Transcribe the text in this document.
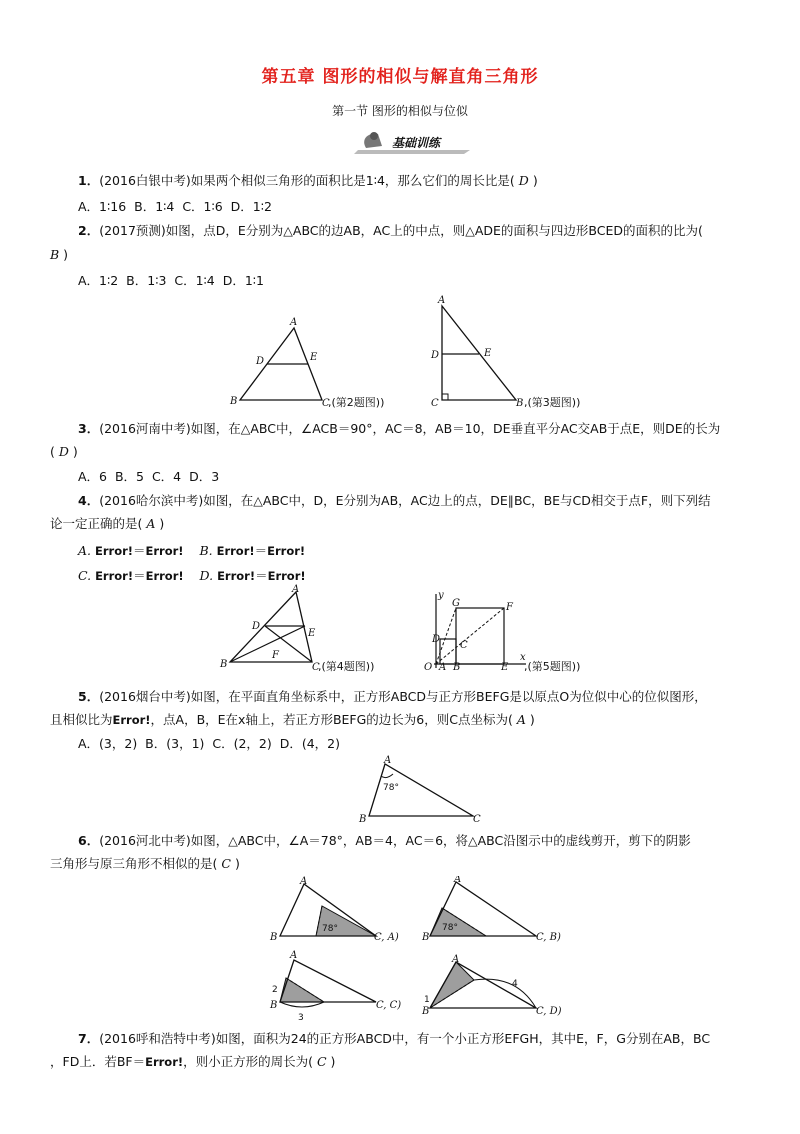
第五章 图形的相似与解直角三角形
第一节 图形的相似与位似
基础训练
1．(2016白银中考)如果两个相似三角形的面积比是1∶4，那么它们的周长比是( D )
A．1∶16 B．1∶4 C．1∶6 D．1∶2
2．(2017预测)如图，点D，E分别为△ABC的边AB，AC上的中点，则△ADE的面积与四边形BCED的面积的比为(
B )
A．1∶2 B．1∶3 C．1∶4 D．1∶1
A
D	E
B	C
,(第2题图))
A
D	E
C	B ,(第3题图))
3．(2016河南中考)如图，在△ABC中，∠ACB＝90°，AC＝8，AB＝10，DE垂直平分AC交AB于点E，则DE的长为
( D )
A．6 B．5 C．4 D．3
4．(2016哈尔滨中考)如图，在△ABC中，D，E分别为AB，AC边上的点，DE∥BC，BE与CD相交于点F，则下列结
论一定正确的是( A )
A. Error!＝Error! B. Error!＝Error!
C. Error!＝Error! D. Error!＝Error!
A
D
E
F
B	C
,(第4题图))
y
G	F
D
C
O A B	E
x
,(第5题图))
5．(2016烟台中考)如图，在平面直角坐标系中，正方形ABCD与正方形BEFG是以原点O为位似中心的位似图形，
且相似比为Error!，点A，B，E在x轴上，若正方形BEFG的边长为6，则C点坐标为( A )
A．(3，2) B．(3，1) C．(2，2) D．(4，2)
A
78°
B	C
6．(2016河北中考)如图，△ABC中，∠A＝78°，AB＝4，AC＝6，将△ABC沿图示中的虚线剪开，剪下的阴影
三角形与原三角形不相似的是( C )
A
78°
B	C, A)
A
78°
B	C, B)
A
2
3
B	C, C)
A
4
1
B	C, D)
7．(2016呼和浩特中考)如图，面积为24的正方形ABCD中，有一个小正方形EFGH，其中E，F，G分别在AB，BC
，FD上．若BF＝Error!，则小正方形的周长为( C )
